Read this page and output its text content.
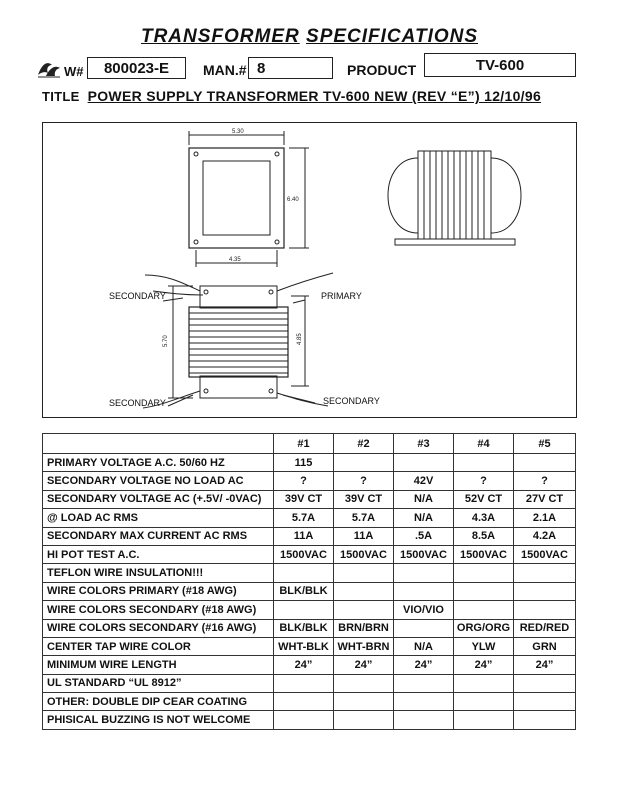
TRANSFORMER SPECIFICATIONS
W#	800023-E	MAN.# 8	PRODUCT	TV-600
TITLE POWER SUPPLY TRANSFORMER TV-600 NEW (REV “E”) 12/10/96
5.30
6.40
4.35
5.70	4.85
SECONDARY	PRIMARY
SECONDARY	SECONDARY
	#1	#2	#3	#4	#5
PRIMARY VOLTAGE A.C. 50/60 HZ	115				
SECONDARY VOLTAGE NO LOAD AC	?	?	42V	?	?
SECONDARY VOLTAGE AC (+.5V/ -0VAC)	39V CT	39V CT	N/A	52V CT	27V CT
@ LOAD AC RMS	5.7A	5.7A	N/A	4.3A	2.1A
SECONDARY MAX CURRENT AC RMS	11A	11A	.5A	8.5A	4.2A
HI POT TEST A.C.	1500VAC	1500VAC	1500VAC	1500VAC	1500VAC
TEFLON WIRE INSULATION!!!					
WIRE COLORS PRIMARY (#18 AWG)	BLK/BLK				
WIRE COLORS SECONDARY (#18 AWG)			VIO/VIO		
WIRE COLORS SECONDARY (#16 AWG)	BLK/BLK	BRN/BRN		ORG/ORG	RED/RED
CENTER TAP WIRE COLOR	WHT-BLK	WHT-BRN	N/A	YLW	GRN
MINIMUM WIRE LENGTH	24”	24”	24”	24”	24”
UL STANDARD “UL 8912”					
OTHER: DOUBLE DIP CEAR COATING					
PHISICAL BUZZING IS NOT WELCOME					
